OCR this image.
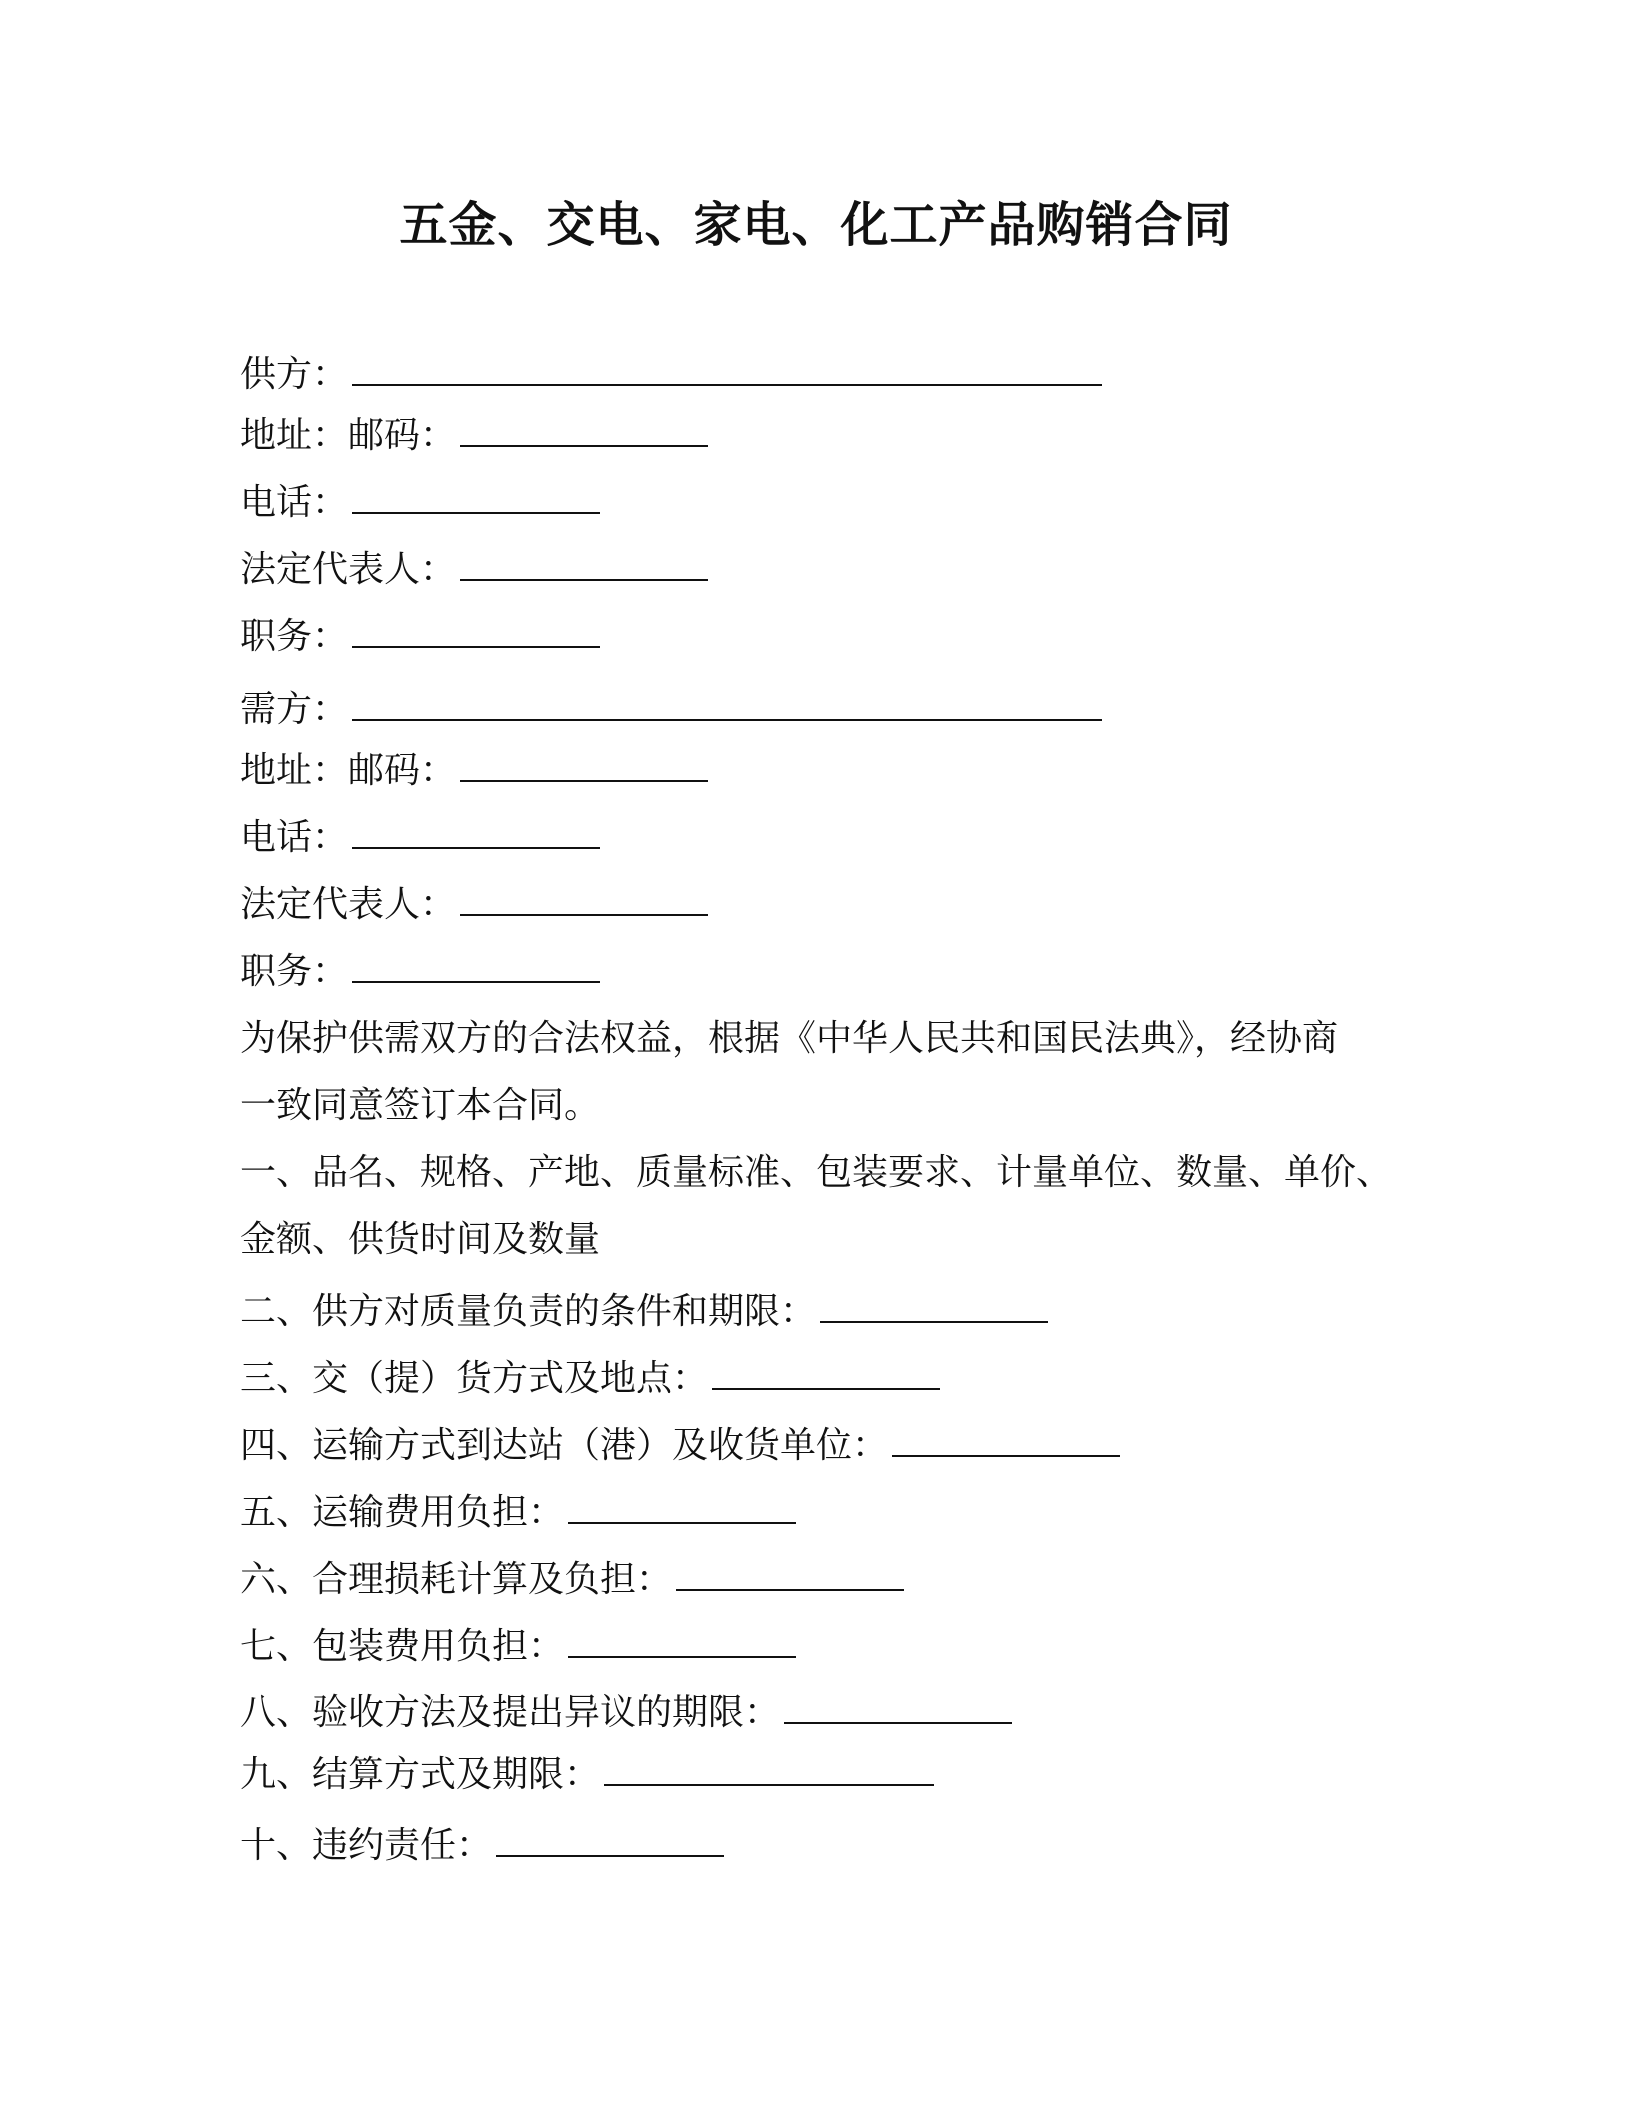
五金、交电、家电、化工产品购销合同
供方：
地址：邮码：
电话：
法定代表人：
职务：
需方：
地址：邮码：
电话：
法定代表人：
职务：
为保护供需双方的合法权益，根据《中华人民共和国民法典》，经协商
一致同意签订本合同。
一、品名、规格、产地、质量标准、包装要求、计量单位、数量、单价、
金额、供货时间及数量
二、供方对质量负责的条件和期限：
三、交（提）货方式及地点：
四、运输方式到达站（港）及收货单位：
五、运输费用负担：
六、合理损耗计算及负担：
七、包装费用负担：
八、验收方法及提出异议的期限：
九、结算方式及期限：
十、违约责任：
